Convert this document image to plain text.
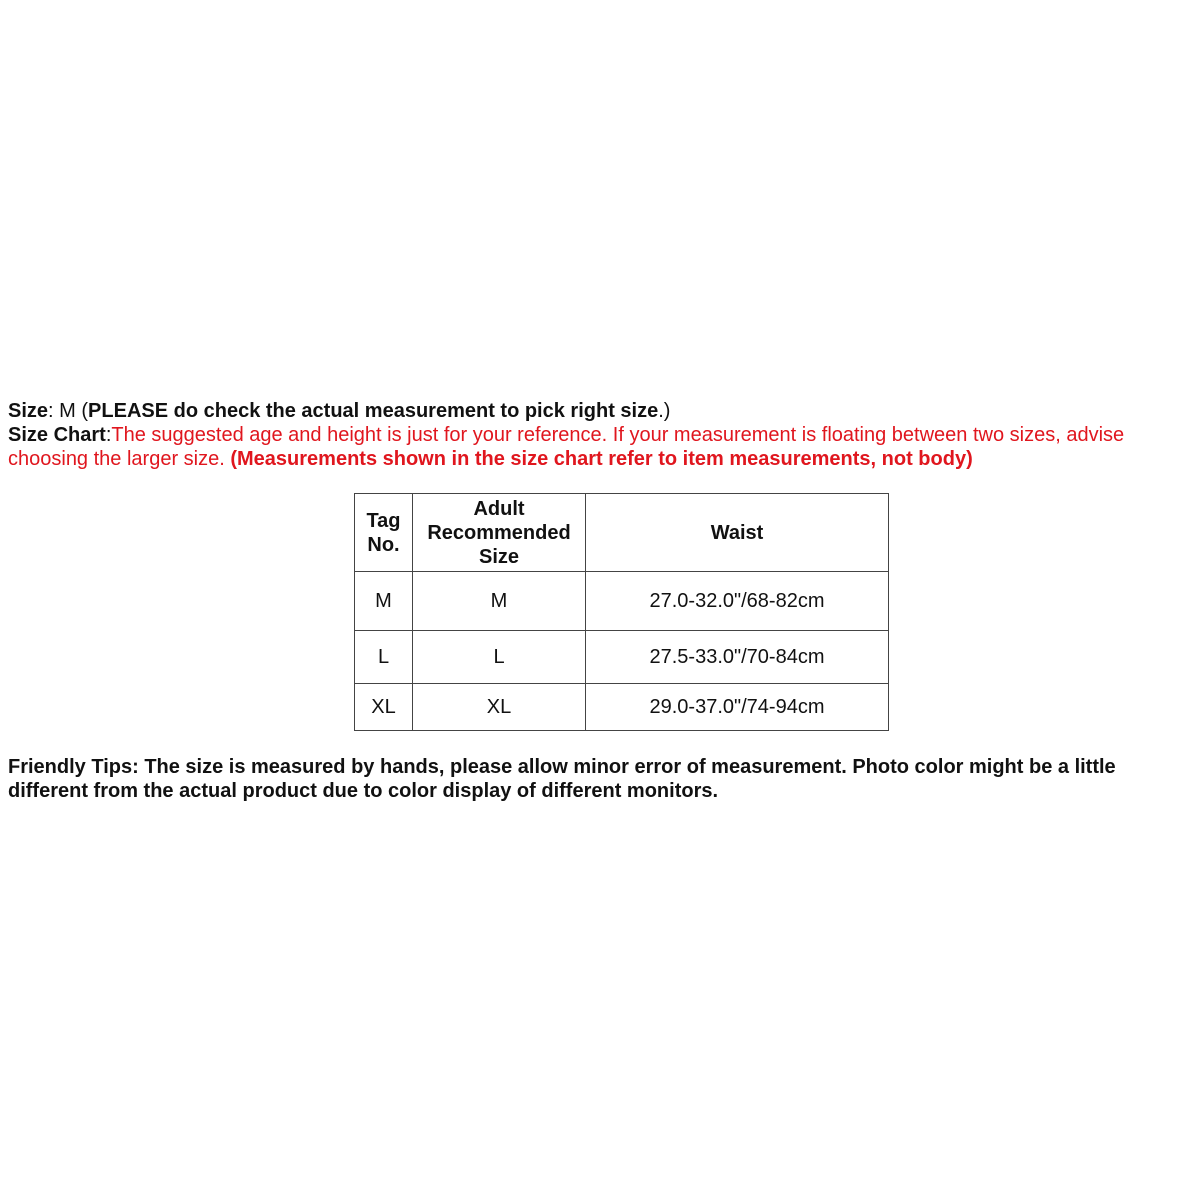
Size: M (PLEASE do check the actual measurement to pick right size.)

Size Chart:The suggested age and height is just for your reference. If your measurement is floating between two sizes, advise choosing the larger size. (Measurements shown in the size chart refer to item measurements, not body)

Tag No.	Adult Recommended Size	Waist
M	M	27.0-32.0"/68-82cm
L	L	27.5-33.0"/70-84cm
XL	XL	29.0-37.0"/74-94cm

Friendly Tips: The size is measured by hands, please allow minor error of measurement. Photo color might be a little different from the actual product due to color display of different monitors.
